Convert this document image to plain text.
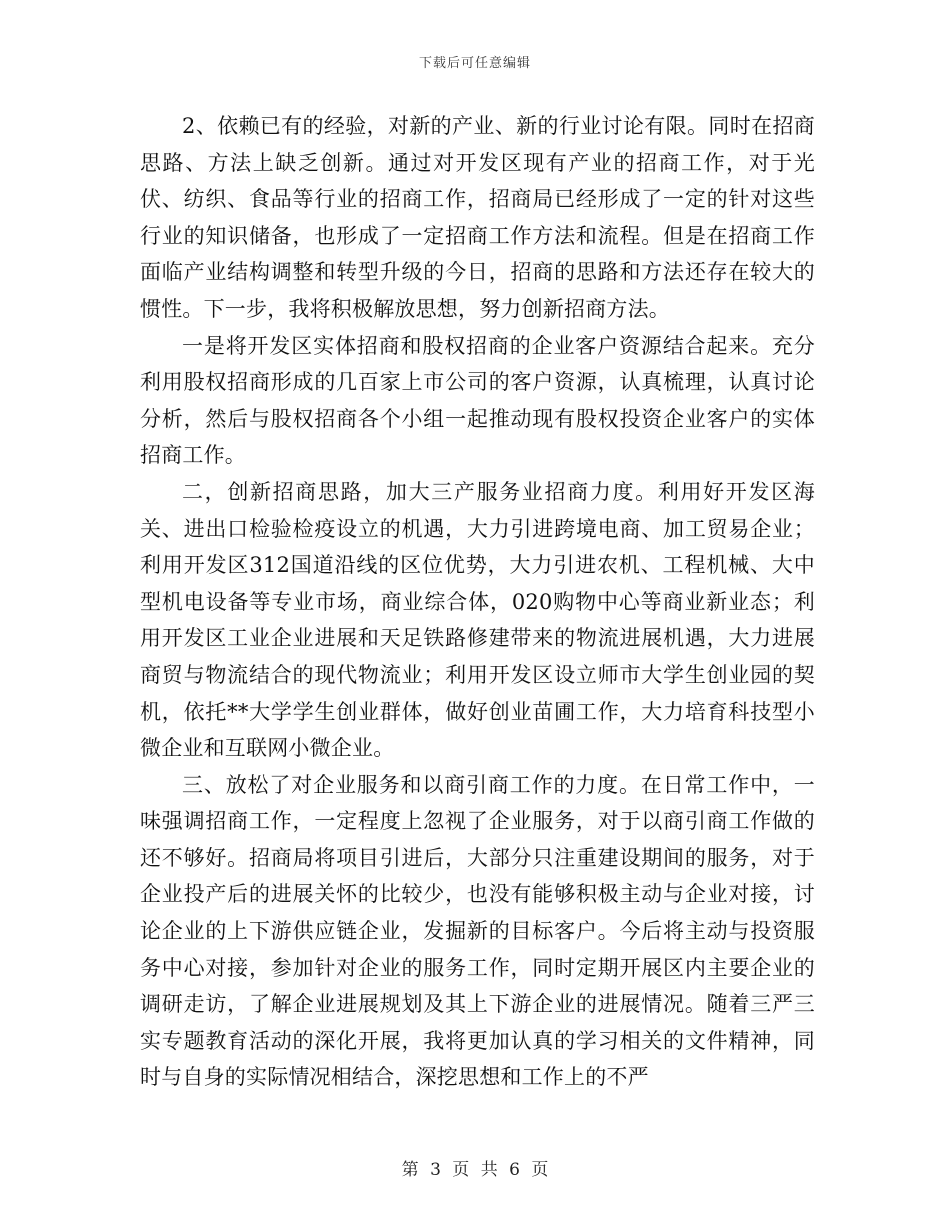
下载后可任意编辑

2、依赖已有的经验，对新的产业、新的行业讨论有限。同时在招商思路、方法上缺乏创新。通过对开发区现有产业的招商工作，对于光伏、纺织、食品等行业的招商工作，招商局已经形成了一定的针对这些行业的知识储备，也形成了一定招商工作方法和流程。但是在招商工作面临产业结构调整和转型升级的今日，招商的思路和方法还存在较大的惯性。下一步，我将积极解放思想，努力创新招商方法。

一是将开发区实体招商和股权招商的企业客户资源结合起来。充分利用股权招商形成的几百家上市公司的客户资源，认真梳理，认真讨论分析，然后与股权招商各个小组一起推动现有股权投资企业客户的实体招商工作。

二，创新招商思路，加大三产服务业招商力度。利用好开发区海关、进出口检验检疫设立的机遇，大力引进跨境电商、加工贸易企业；利用开发区312国道沿线的区位优势，大力引进农机、工程机械、大中型机电设备等专业市场，商业综合体，020购物中心等商业新业态；利用开发区工业企业进展和天足铁路修建带来的物流进展机遇，大力进展商贸与物流结合的现代物流业；利用开发区设立师市大学生创业园的契机，依托**大学学生创业群体，做好创业苗圃工作，大力培育科技型小微企业和互联网小微企业。

三、放松了对企业服务和以商引商工作的力度。在日常工作中，一味强调招商工作，一定程度上忽视了企业服务，对于以商引商工作做的还不够好。招商局将项目引进后，大部分只注重建设期间的服务，对于企业投产后的进展关怀的比较少，也没有能够积极主动与企业对接，讨论企业的上下游供应链企业，发掘新的目标客户。今后将主动与投资服务中心对接，参加针对企业的服务工作，同时定期开展区内主要企业的调研走访，了解企业进展规划及其上下游企业的进展情况。随着三严三实专题教育活动的深化开展，我将更加认真的学习相关的文件精神，同时与自身的实际情况相结合，深挖思想和工作上的不严

第 3 页 共 6 页
